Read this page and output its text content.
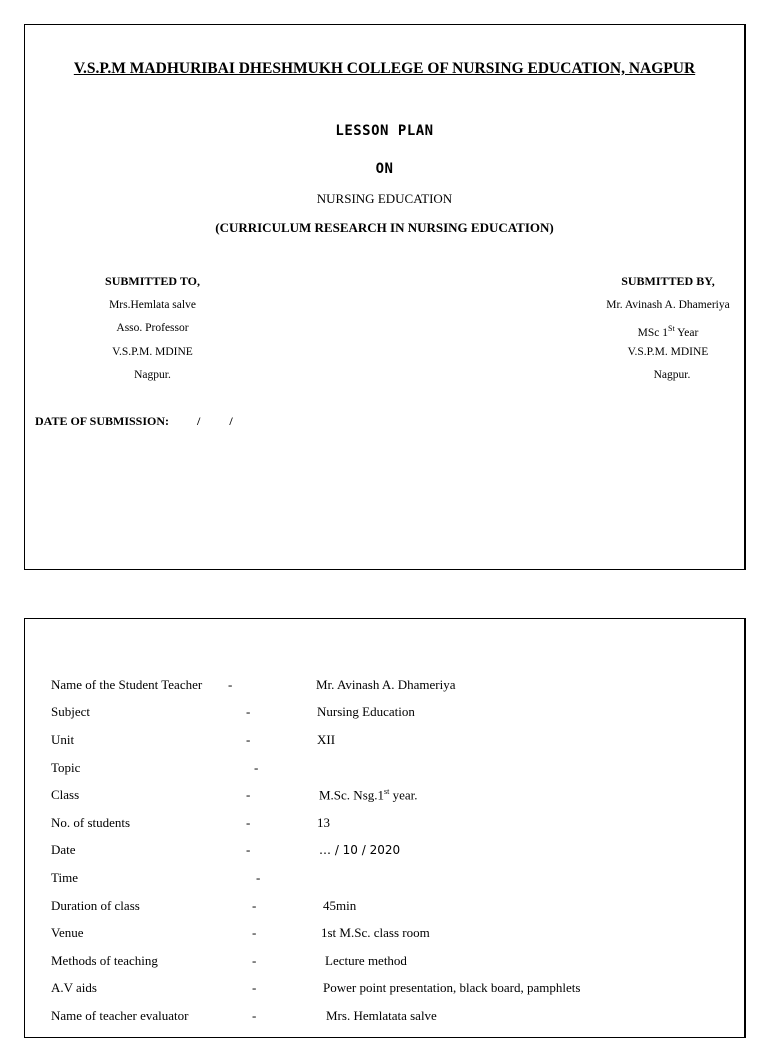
V.S.P.M MADHURIBAI DHESHMUKH COLLEGE OF NURSING EDUCATION, NAGPUR
LESSON PLAN
ON
NURSING EDUCATION
(CURRICULUM RESEARCH IN NURSING EDUCATION)
SUBMITTED TO,
Mrs.Hemlata salve
Asso. Professor
V.S.P.M. MDINE
Nagpur.
SUBMITTED BY,
Mr. Avinash A. Dhameriya
MSc 1St Year
V.S.P.M. MDINE
Nagpur.
DATE OF SUBMISSION: / /
Name of the Student Teacher	-	Mr. Avinash A. Dhameriya
Subject	-	Nursing Education
Unit	-	XII
Topic	-	
Class	-	M.Sc. Nsg.1st year.
No. of students	-	13
Date	-	… / 10 / 2020
Time	-	
Duration of class	-	45min
Venue	-	1st M.Sc. class room
Methods of teaching	-	Lecture method
A.V aids	-	Power point presentation, black board, pamphlets
Name of teacher evaluator	-	Mrs. Hemlatata salve
